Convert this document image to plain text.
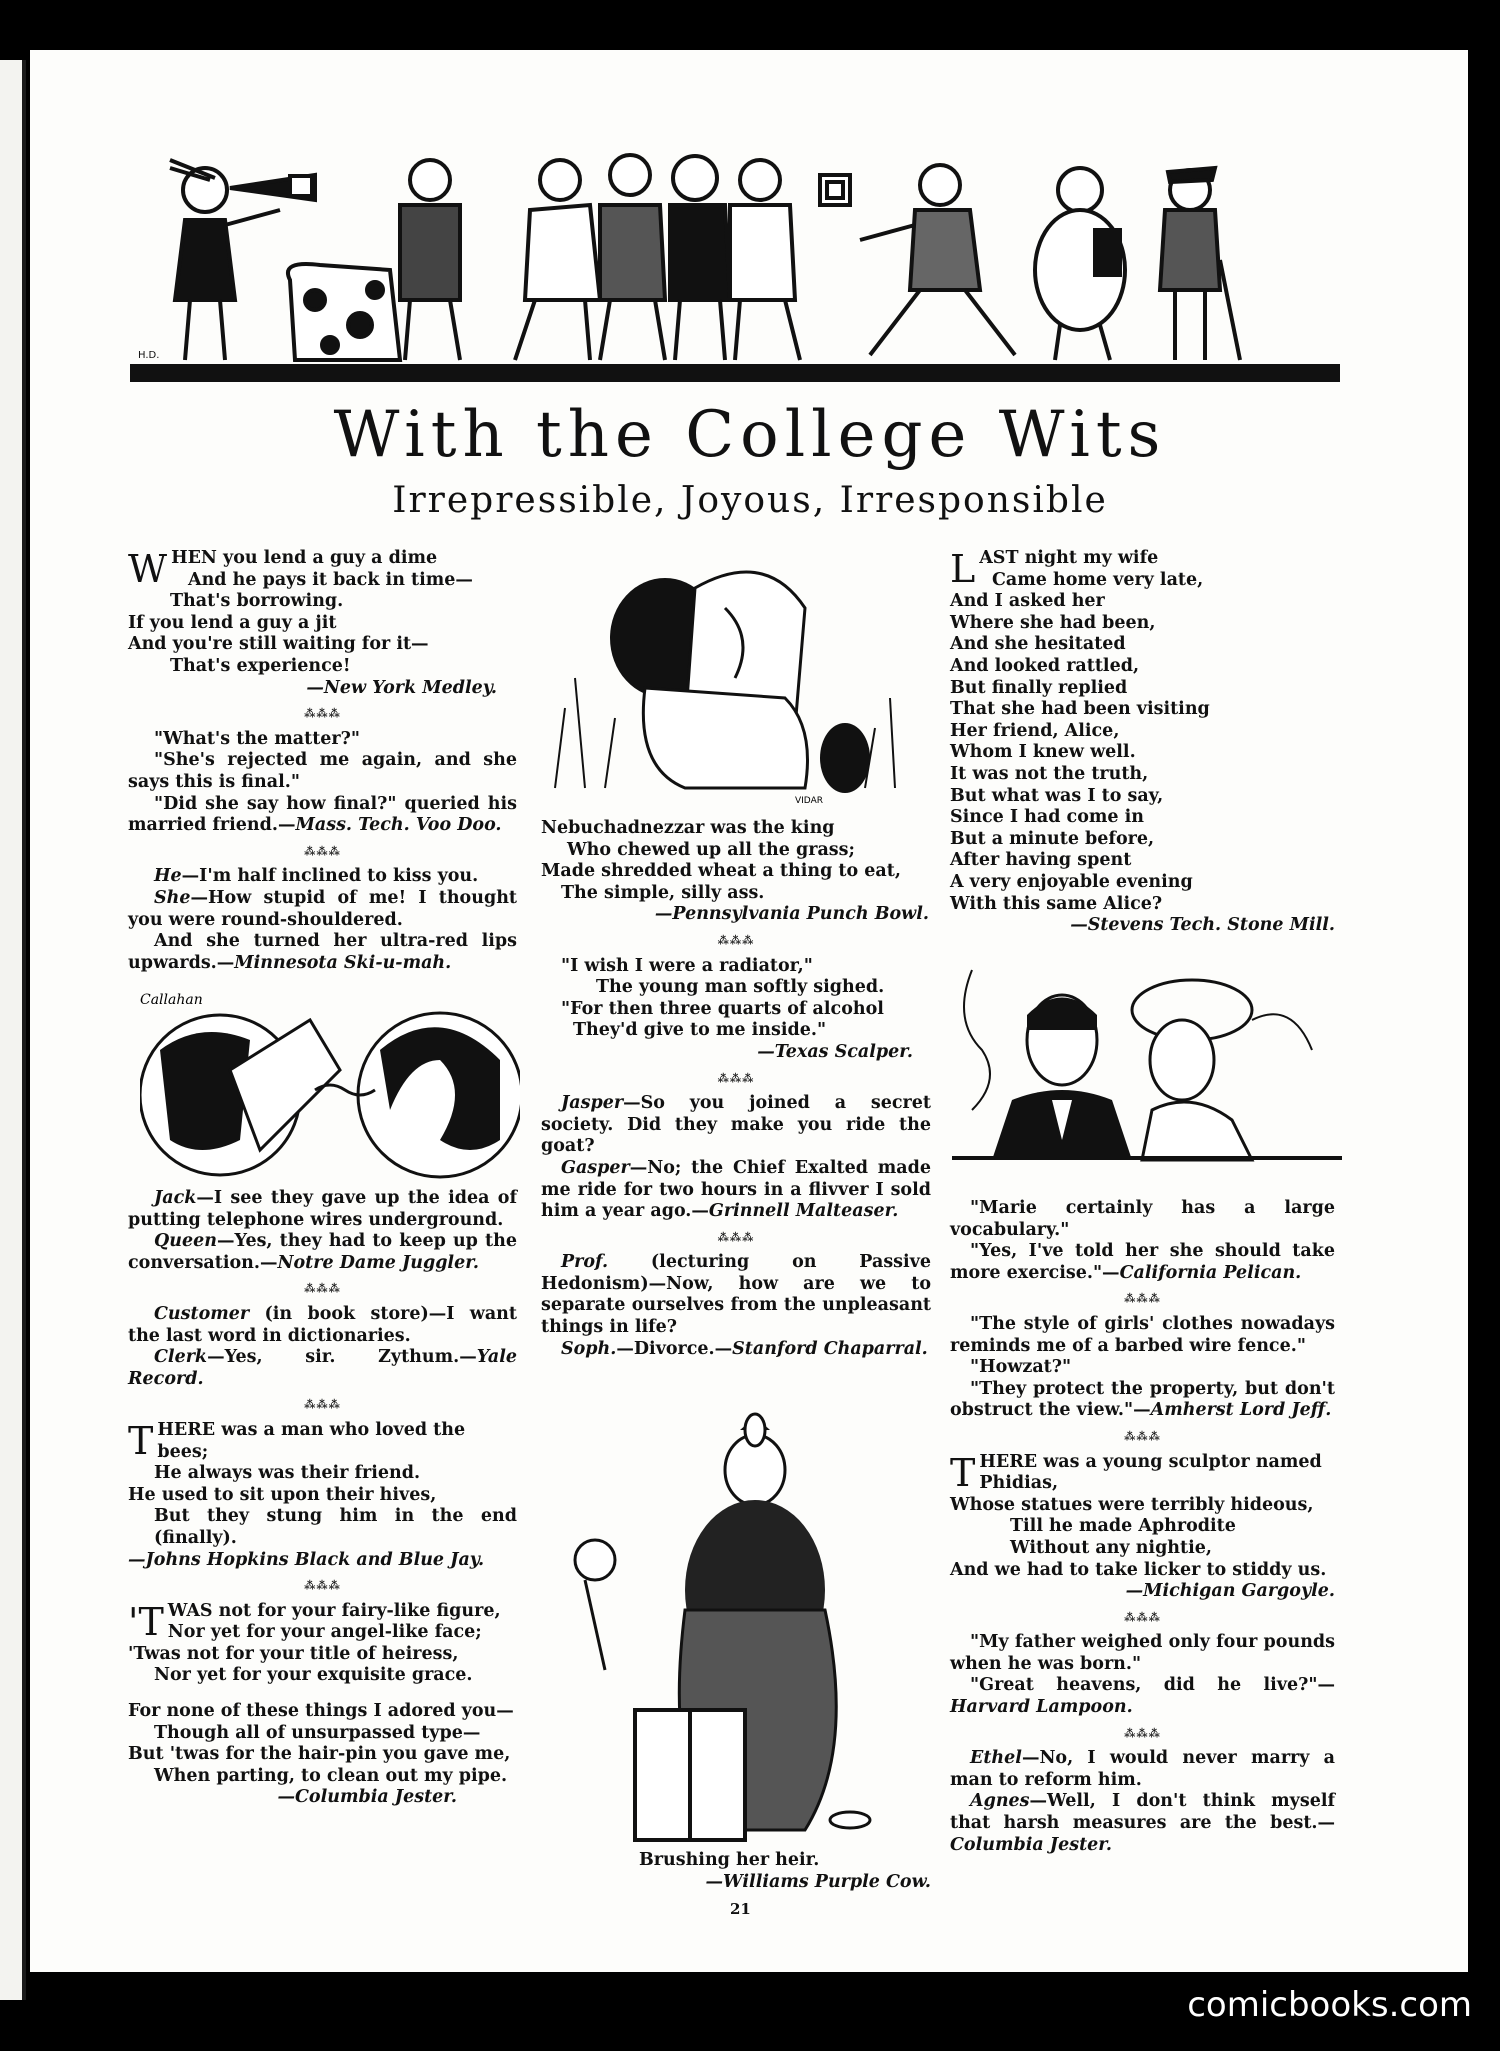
H.D.
With the College Wits
Irrepressible, Joyous, Irresponsible

WHEN you lend a guy a dime

And he pays it back in time—

That's borrowing.

If you lend a guy a jit

And you're still waiting for it—

That's experience!

—New York Medley.

⁂⁂⁂

"What's the matter?"

"She's rejected me again, and she says this is final."

"Did she say how final?" queried his married friend.—Mass. Tech. Voo Doo.

⁂⁂⁂

He—I'm half inclined to kiss you.

She—How stupid of me! I thought you were round-shouldered.

And she turned her ultra-red lips upwards.—Minnesota Ski-u-mah.

Callahan

Jack—I see they gave up the idea of putting telephone wires underground.

Queen—Yes, they had to keep up the conversation.—Notre Dame Juggler.

⁂⁂⁂

Customer (in book store)—I want the last word in dictionaries.

Clerk—Yes, sir. Zythum.—Yale Record.

⁂⁂⁂

THERE was a man who loved the bees;

He always was their friend.

He used to sit upon their hives,

But they stung him in the end (finally).

—Johns Hopkins Black and Blue Jay.

⁂⁂⁂

'TWAS not for your fairy-like figure,

Nor yet for your angel-like face;

'Twas not for your title of heiress,

Nor yet for your exquisite grace.

For none of these things I adored you—

Though all of unsurpassed type—

But 'twas for the hair-pin you gave me,

When parting, to clean out my pipe.

—Columbia Jester.

VIDAR

Nebuchadnezzar was the king

Who chewed up all the grass;

Made shredded wheat a thing to eat,

The simple, silly ass.

—Pennsylvania Punch Bowl.

⁂⁂⁂

"I wish I were a radiator,"

The young man softly sighed.

"For then three quarts of alcohol

They'd give to me inside."

—Texas Scalper.

⁂⁂⁂

Jasper—So you joined a secret society. Did they make you ride the goat?

Gasper—No; the Chief Exalted made me ride for two hours in a flivver I sold him a year ago.—Grinnell Malteaser.

⁂⁂⁂

Prof. (lecturing on Passive Hedonism)—Now, how are we to separate ourselves from the unpleasant things in life?

Soph.—Divorce.—Stanford Chaparral.

Brushing her heir.

—Williams Purple Cow.

LAST night my wife

Came home very late,

And I asked her

Where she had been,

And she hesitated

And looked rattled,

But finally replied

That she had been visiting

Her friend, Alice,

Whom I knew well.

It was not the truth,

But what was I to say,

Since I had come in

But a minute before,

After having spent

A very enjoyable evening

With this same Alice?

—Stevens Tech. Stone Mill.

"Marie certainly has a large vocabulary."

"Yes, I've told her she should take more exercise."—California Pelican.

⁂⁂⁂

"The style of girls' clothes nowadays reminds me of a barbed wire fence."

"Howzat?"

"They protect the property, but don't obstruct the view."—Amherst Lord Jeff.

⁂⁂⁂

THERE was a young sculptor named Phidias,

Whose statues were terribly hideous,

Till he made Aphrodite

Without any nightie,

And we had to take licker to stiddy us.

—Michigan Gargoyle.

⁂⁂⁂

"My father weighed only four pounds when he was born."

"Great heavens, did he live?"—Harvard Lampoon.

⁂⁂⁂

Ethel—No, I would never marry a man to reform him.

Agnes—Well, I don't think myself that harsh measures are the best.—Columbia Jester.

21
comicbooks.com
